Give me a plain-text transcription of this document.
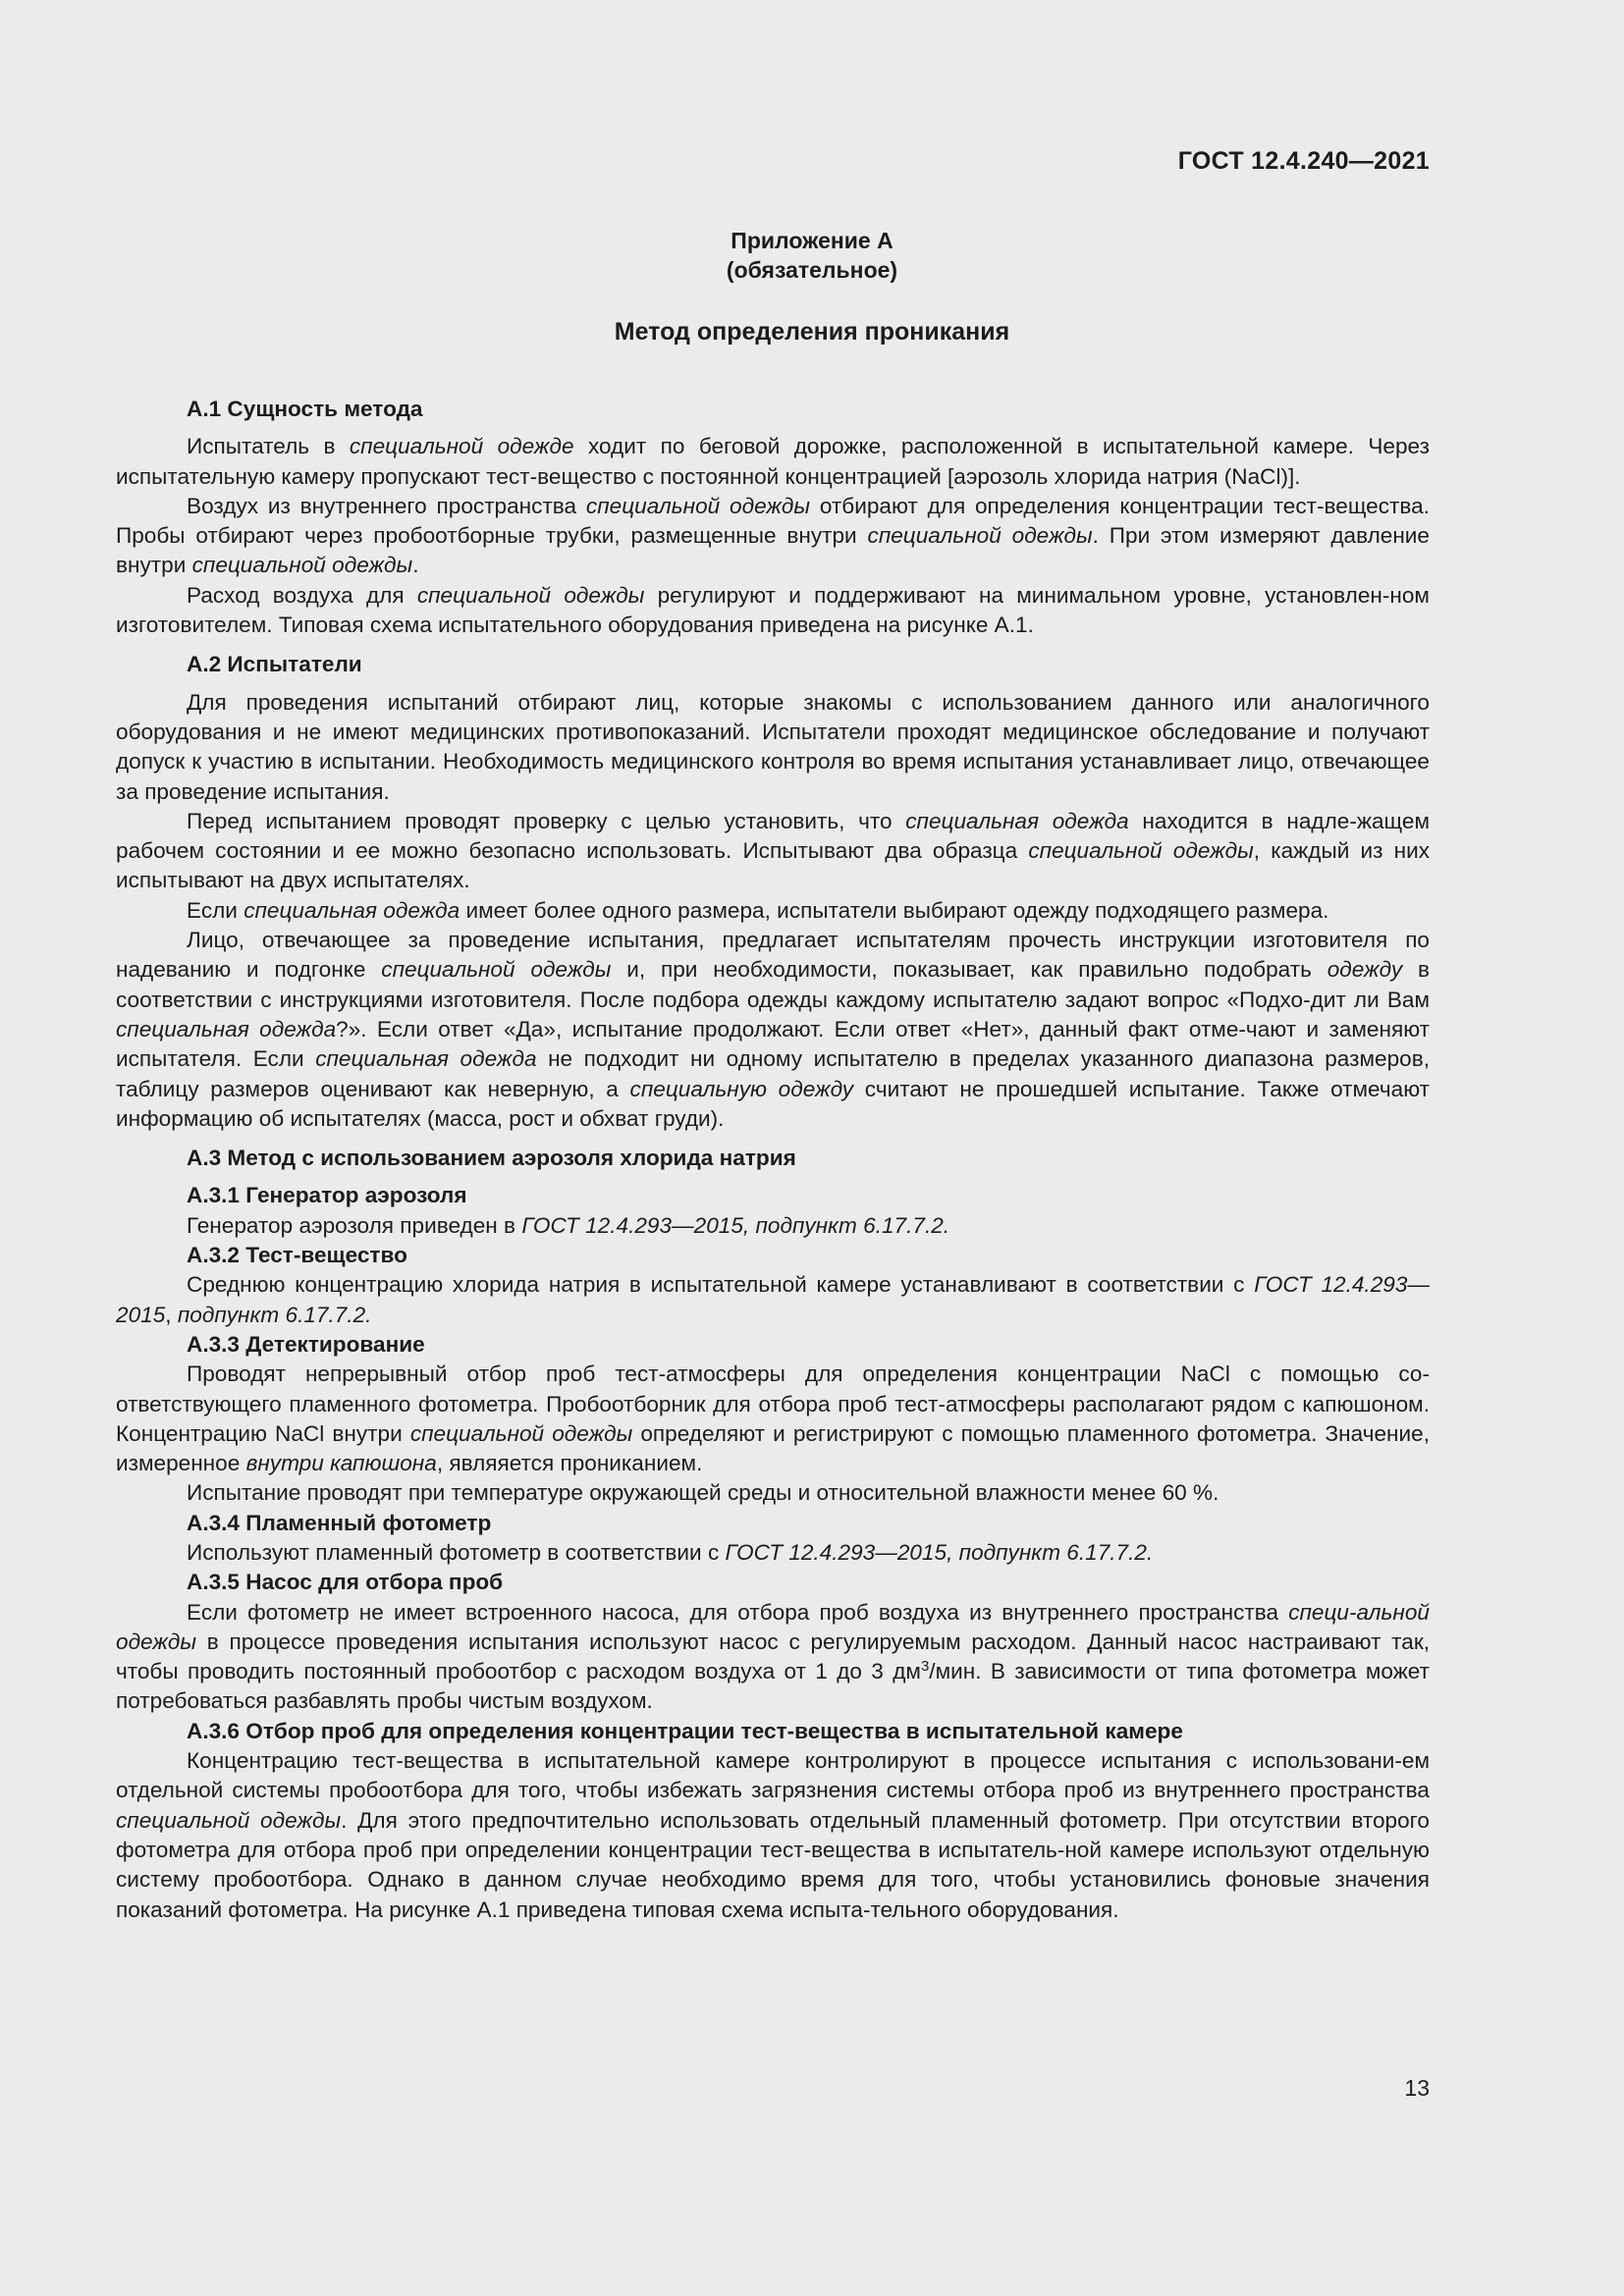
ГОСТ 12.4.240—2021
Приложение А
(обязательное)
Метод определения проникания
А.1 Сущность метода

Испытатель в специальной одежде ходит по беговой дорожке, расположенной в испытательной камере. Через испытательную камеру пропускают тест-вещество с постоянной концентрацией [аэрозоль хлорида натрия (NaCl)].

Воздух из внутреннего пространства специальной одежды отбирают для определения концентрации тест-вещества. Пробы отбирают через пробоотборные трубки, размещенные внутри специальной одежды. При этом измеряют давление внутри специальной одежды.

Расход воздуха для специальной одежды регулируют и поддерживают на минимальном уровне, установлен-ном изготовителем. Типовая схема испытательного оборудования приведена на рисунке А.1.

А.2 Испытатели

Для проведения испытаний отбирают лиц, которые знакомы с использованием данного или аналогичного оборудования и не имеют медицинских противопоказаний. Испытатели проходят медицинское обследование и получают допуск к участию в испытании. Необходимость медицинского контроля во время испытания устанавливает лицо, отвечающее за проведение испытания.

Перед испытанием проводят проверку с целью установить, что специальная одежда находится в надле-жащем рабочем состоянии и ее можно безопасно использовать. Испытывают два образца специальной одежды, каждый из них испытывают на двух испытателях.

Если специальная одежда имеет более одного размера, испытатели выбирают одежду подходящего размера.

Лицо, отвечающее за проведение испытания, предлагает испытателям прочесть инструкции изготовителя по надеванию и подгонке специальной одежды и, при необходимости, показывает, как правильно подобрать одежду в соответствии с инструкциями изготовителя. После подбора одежды каждому испытателю задают вопрос «Подхо-дит ли Вам специальная одежда?». Если ответ «Да», испытание продолжают. Если ответ «Нет», данный факт отме-чают и заменяют испытателя. Если специальная одежда не подходит ни одному испытателю в пределах указанного диапазона размеров, таблицу размеров оценивают как неверную, а специальную одежду считают не прошедшей испытание. Также отмечают информацию об испытателях (масса, рост и обхват груди).

А.3 Метод с использованием аэрозоля хлорида натрия
А.3.1 Генератор аэрозоля

Генератор аэрозоля приведен в ГОСТ 12.4.293—2015, подпункт 6.17.7.2.

А.3.2 Тест-вещество

Среднюю концентрацию хлорида натрия в испытательной камере устанавливают в соответствии с ГОСТ 12.4.293—2015, подпункт 6.17.7.2.

А.3.3 Детектирование

Проводят непрерывный отбор проб тест-атмосферы для определения концентрации NaCl с помощью со-ответствующего пламенного фотометра. Пробоотборник для отбора проб тест-атмосферы располагают рядом с капюшоном. Концентрацию NaCl внутри специальной одежды определяют и регистрируют с помощью пламенного фотометра. Значение, измеренное внутри капюшона, являяется прониканием.

Испытание проводят при температуре окружающей среды и относительной влажности менее 60 %.

А.3.4 Пламенный фотометр

Используют пламенный фотометр в соответствии с ГОСТ 12.4.293—2015, подпункт 6.17.7.2.

А.3.5 Насос для отбора проб

Если фотометр не имеет встроенного насоса, для отбора проб воздуха из внутреннего пространства специ-альной одежды в процессе проведения испытания используют насос с регулируемым расходом. Данный насос настраивают так, чтобы проводить постоянный пробоотбор с расходом воздуха от 1 до 3 $дм^3$/мин. В зависимости от типа фотометра может потребоваться разбавлять пробы чистым воздухом.

А.3.6 Отбор проб для определения концентрации тест-вещества в испытательной камере

Концентрацию тест-вещества в испытательной камере контролируют в процессе испытания с использовани-ем отдельной системы пробоотбора для того, чтобы избежать загрязнения системы отбора проб из внутреннего пространства специальной одежды. Для этого предпочтительно использовать отдельный пламенный фотометр. При отсутствии второго фотометра для отбора проб при определении концентрации тест-вещества в испытатель-ной камере используют отдельную систему пробоотбора. Однако в данном случае необходимо время для того, чтобы установились фоновые значения показаний фотометра. На рисунке А.1 приведена типовая схема испыта-тельного оборудования.

13
